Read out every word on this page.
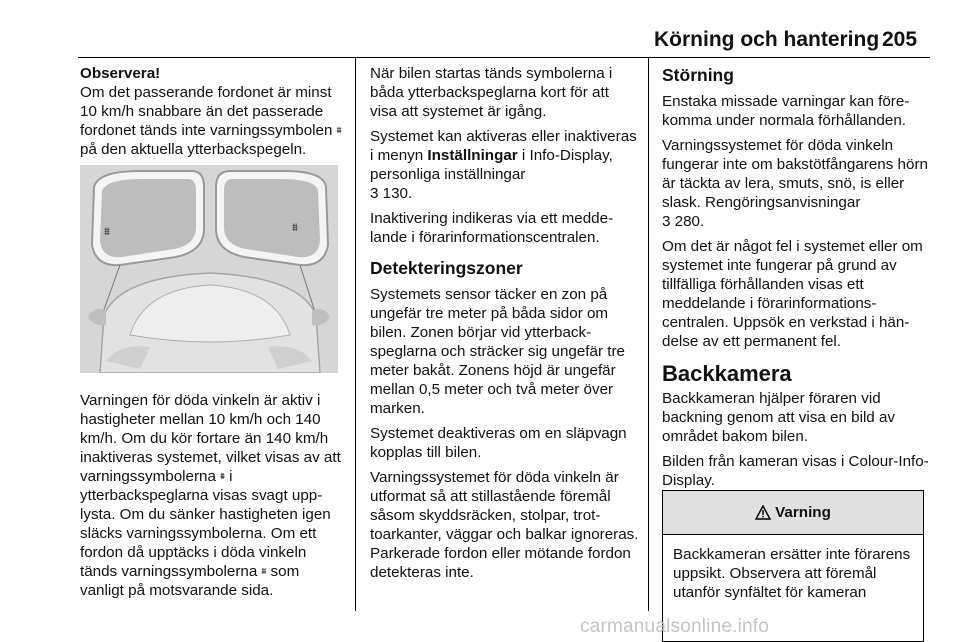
Körning och hantering 205

Observera!
Om det passerande fordonet är minst 10 km/h snabbare än det passerade fordonet tänds inte varningssymbolen ⩩ på den aktuella ytterbackspegeln.

⩩	⩩

Varningen för döda vinkeln är aktiv i hastigheter mellan 10 km/h och 140 km/h. Om du kör fortare än 140 km/h inaktiveras systemet, vilket visas av att varningssymbolerna ⩩ i ytterbackspeglarna visas svagt upplysta. Om du sänker hastigheten igen släcks varningssymbolerna. Om ett fordon då upptäcks i döda vinkeln tänds varningssymbolerna ⩩ som vanligt på motsvarande sida.

När bilen startas tänds symbolerna i båda ytterbackspeglarna kort för att visa att systemet är igång.

Systemet kan aktiveras eller inaktiveras i menyn Inställningar i Info-Display, personliga inställningar
3 130.

Inaktivering indikeras via ett meddelande i förarinformationscentralen.

Detekteringszoner

Systemets sensor täcker en zon på ungefär tre meter på båda sidor om bilen. Zonen börjar vid ytterbackspeglarna och sträcker sig ungefär tre meter bakåt. Zonens höjd är ungefär mellan 0,5 meter och två meter över marken.

Systemet deaktiveras om en släpvagn kopplas till bilen.

Varningssystemet för döda vinkeln är utformat så att stillastående föremål såsom skyddsräcken, stolpar, trottoarkanter, väggar och balkar ignoreras. Parkerade fordon eller mötande fordon detekteras inte.

Störning

Enstaka missade varningar kan förekomma under normala förhållanden.

Varningssystemet för döda vinkeln fungerar inte om bakstötfångarens hörn är täckta av lera, smuts, snö, is eller slask. Rengöringsanvisningar
3 280.

Om det är något fel i systemet eller om systemet inte fungerar på grund av tillfälliga förhållanden visas ett meddelande i förarinformationscentralen. Uppsök en verkstad i händelse av ett permanent fel.

Backkamera

Backkameran hjälper föraren vid backning genom att visa en bild av området bakom bilen.

Bilden från kameran visas i Colour-Info-Display.

Varning
Backkameran ersätter inte förarens uppsikt. Observera att föremål utanför synfältet för kameran
carmanualsonline.info
